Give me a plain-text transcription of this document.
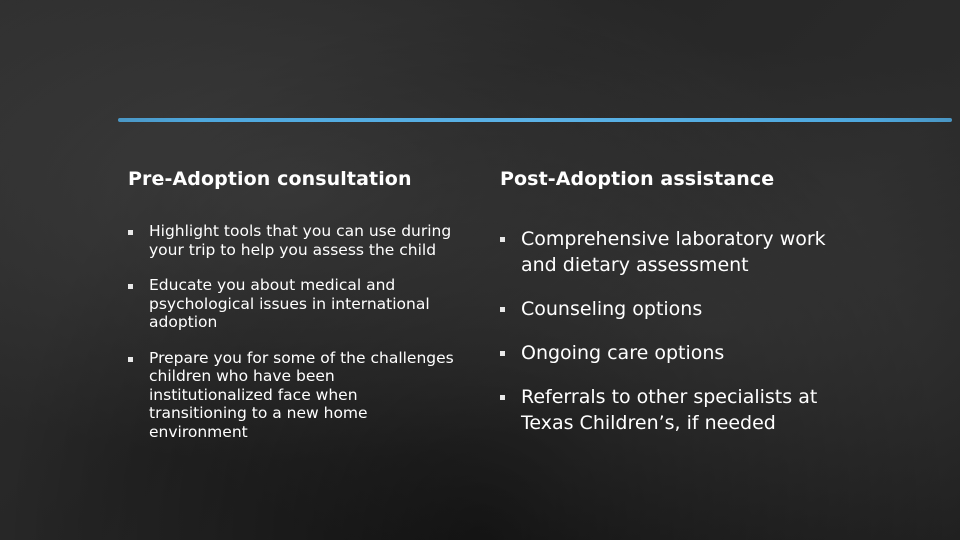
Pre-Adoption consultation
Highlight tools that you can use during your trip to help you assess the child
Educate you about medical and psychological issues in international adoption
Prepare you for some of the challenges children who have been institutionalized face when transitioning to a new home environment
Post-Adoption assistance
Comprehensive laboratory work and dietary assessment
Counseling options
Ongoing care options
Referrals to other specialists at Texas Children’s, if needed
